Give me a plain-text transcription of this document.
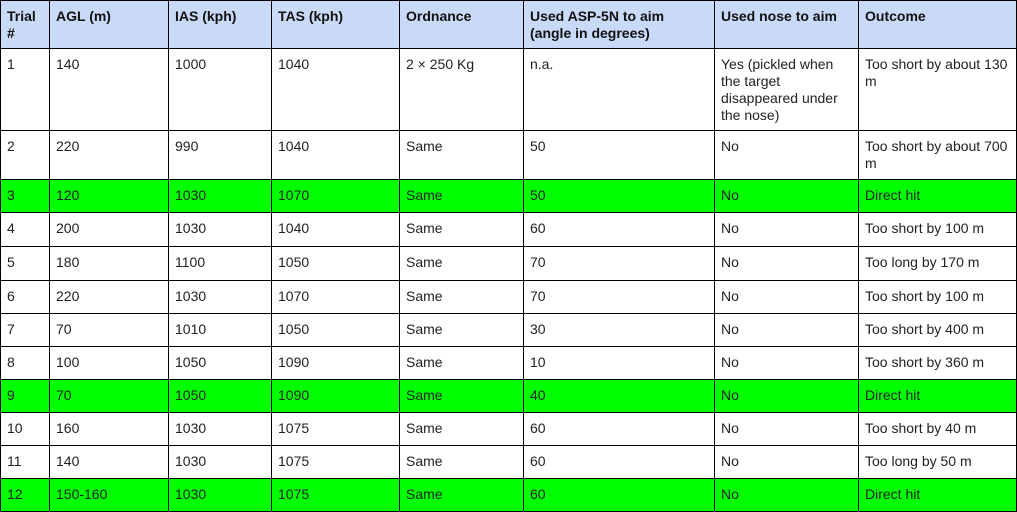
Trial #	AGL (m)	IAS (kph)	TAS (kph)	Ordnance	Used ASP-5N to aim (angle in degrees)	Used nose to aim	Outcome
1	140	1000	1040	2 × 250 Kg	n.a.	Yes (pickled when the target disappeared under the nose)	Too short by about 130 m
2	220	990	1040	Same	50	No	Too short by about 700 m
3	120	1030	1070	Same	50	No	Direct hit
4	200	1030	1040	Same	60	No	Too short by 100 m
5	180	1100	1050	Same	70	No	Too long by 170 m
6	220	1030	1070	Same	70	No	Too short by 100 m
7	70	1010	1050	Same	30	No	Too short by 400 m
8	100	1050	1090	Same	10	No	Too short by 360 m
9	70	1050	1090	Same	40	No	Direct hit
10	160	1030	1075	Same	60	No	Too short by 40 m
11	140	1030	1075	Same	60	No	Too long by 50 m
12	150-160	1030	1075	Same	60	No	Direct hit
